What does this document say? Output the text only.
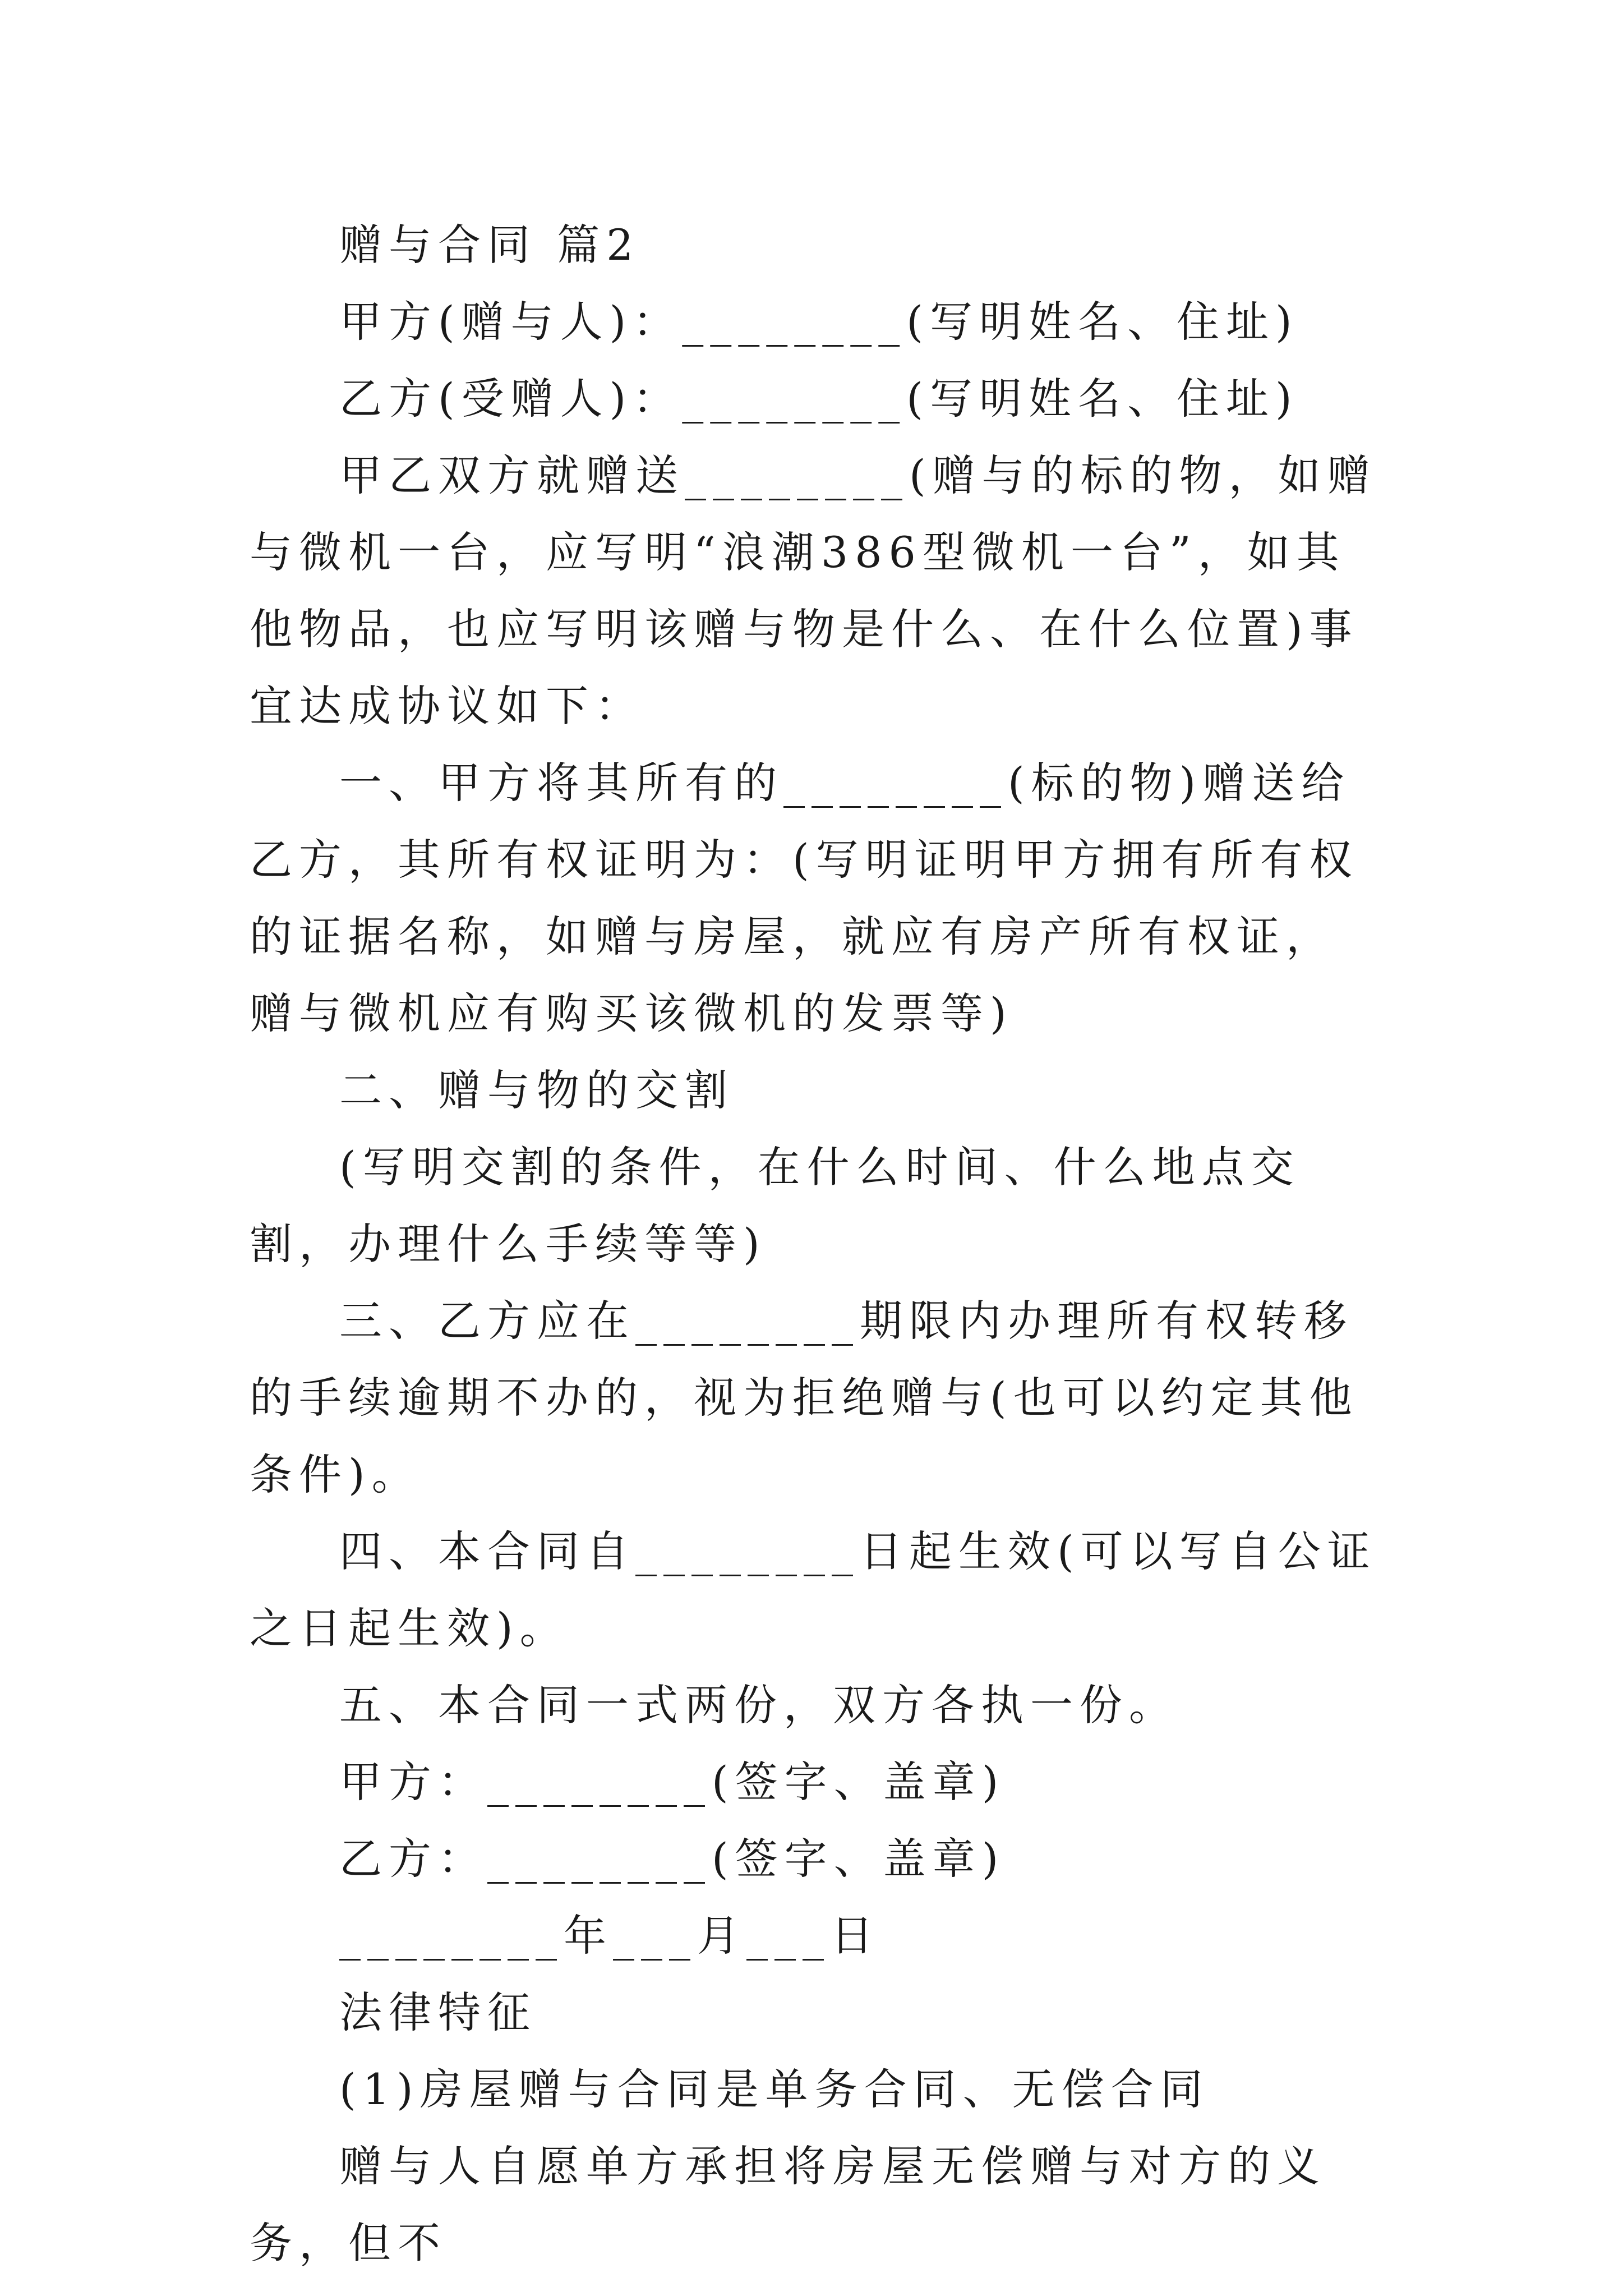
赠与合同 篇2

甲方(赠与人)：________(写明姓名、住址)

乙方(受赠人)：________(写明姓名、住址)

甲乙双方就赠送________(赠与的标的物，如赠与微机一台，应写明“浪潮386型微机一台”，如其他物品，也应写明该赠与物是什么、在什么位置)事宜达成协议如下：

一、甲方将其所有的________(标的物)赠送给乙方，其所有权证明为：(写明证明甲方拥有所有权的证据名称，如赠与房屋，就应有房产所有权证，赠与微机应有购买该微机的发票等)

二、赠与物的交割

(写明交割的条件，在什么时间、什么地点交割，办理什么手续等等)

三、乙方应在________期限内办理所有权转移的手续逾期不办的，视为拒绝赠与(也可以约定其他条件)。

四、本合同自________日起生效(可以写自公证之日起生效)。

五、本合同一式两份，双方各执一份。

甲方：________(签字、盖章)

乙方：________(签字、盖章)

________年___月___日

法律特征

(1)房屋赠与合同是单务合同、无偿合同

赠与人自愿单方承担将房屋无偿赠与对方的义务，但不
